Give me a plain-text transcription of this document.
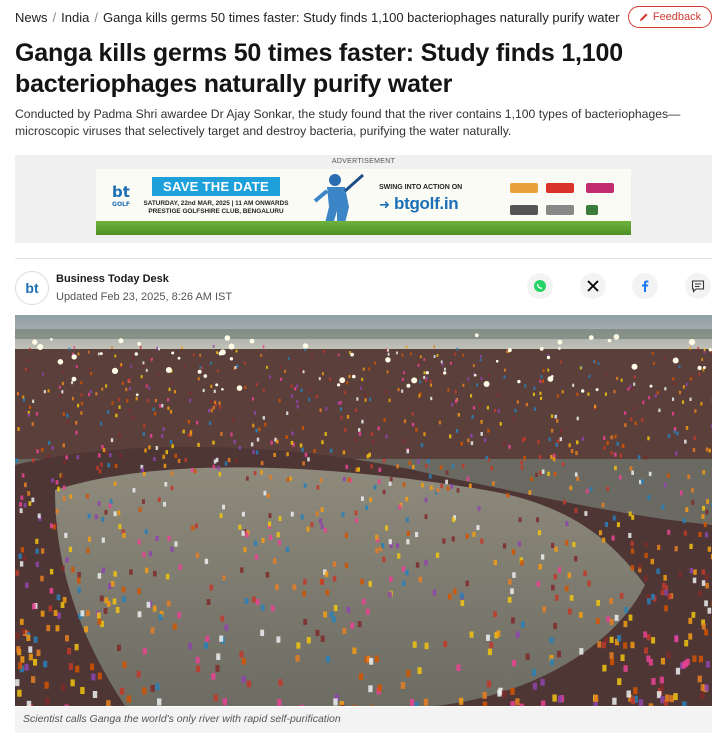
News / India / Ganga kills germs 50 times faster: Study finds 1,100 bacteriophages naturally purify water	Feedback
Ganga kills germs 50 times faster: Study finds 1,100 bacteriophages naturally purify water

Conducted by Padma Shri awardee Dr Ajay Sonkar, the study found that the river contains 1,100 types of bacteriophages—microscopic viruses that selectively target and destroy bacteria, purifying the water naturally.

ADVERTISEMENT
bt
GOLF
SAVE THE DATE
SATURDAY, 22nd MAR, 2025 | 11 AM ONWARDS
PRESTIGE GOLFSHIRE CLUB, BENGALURU
SWING INTO ACTION ON
➜ btgolf.in
bt
Business Today Desk
Updated Feb 23, 2025, 8:26 AM IST
Scientist calls Ganga the world's only river with rapid self-purification
